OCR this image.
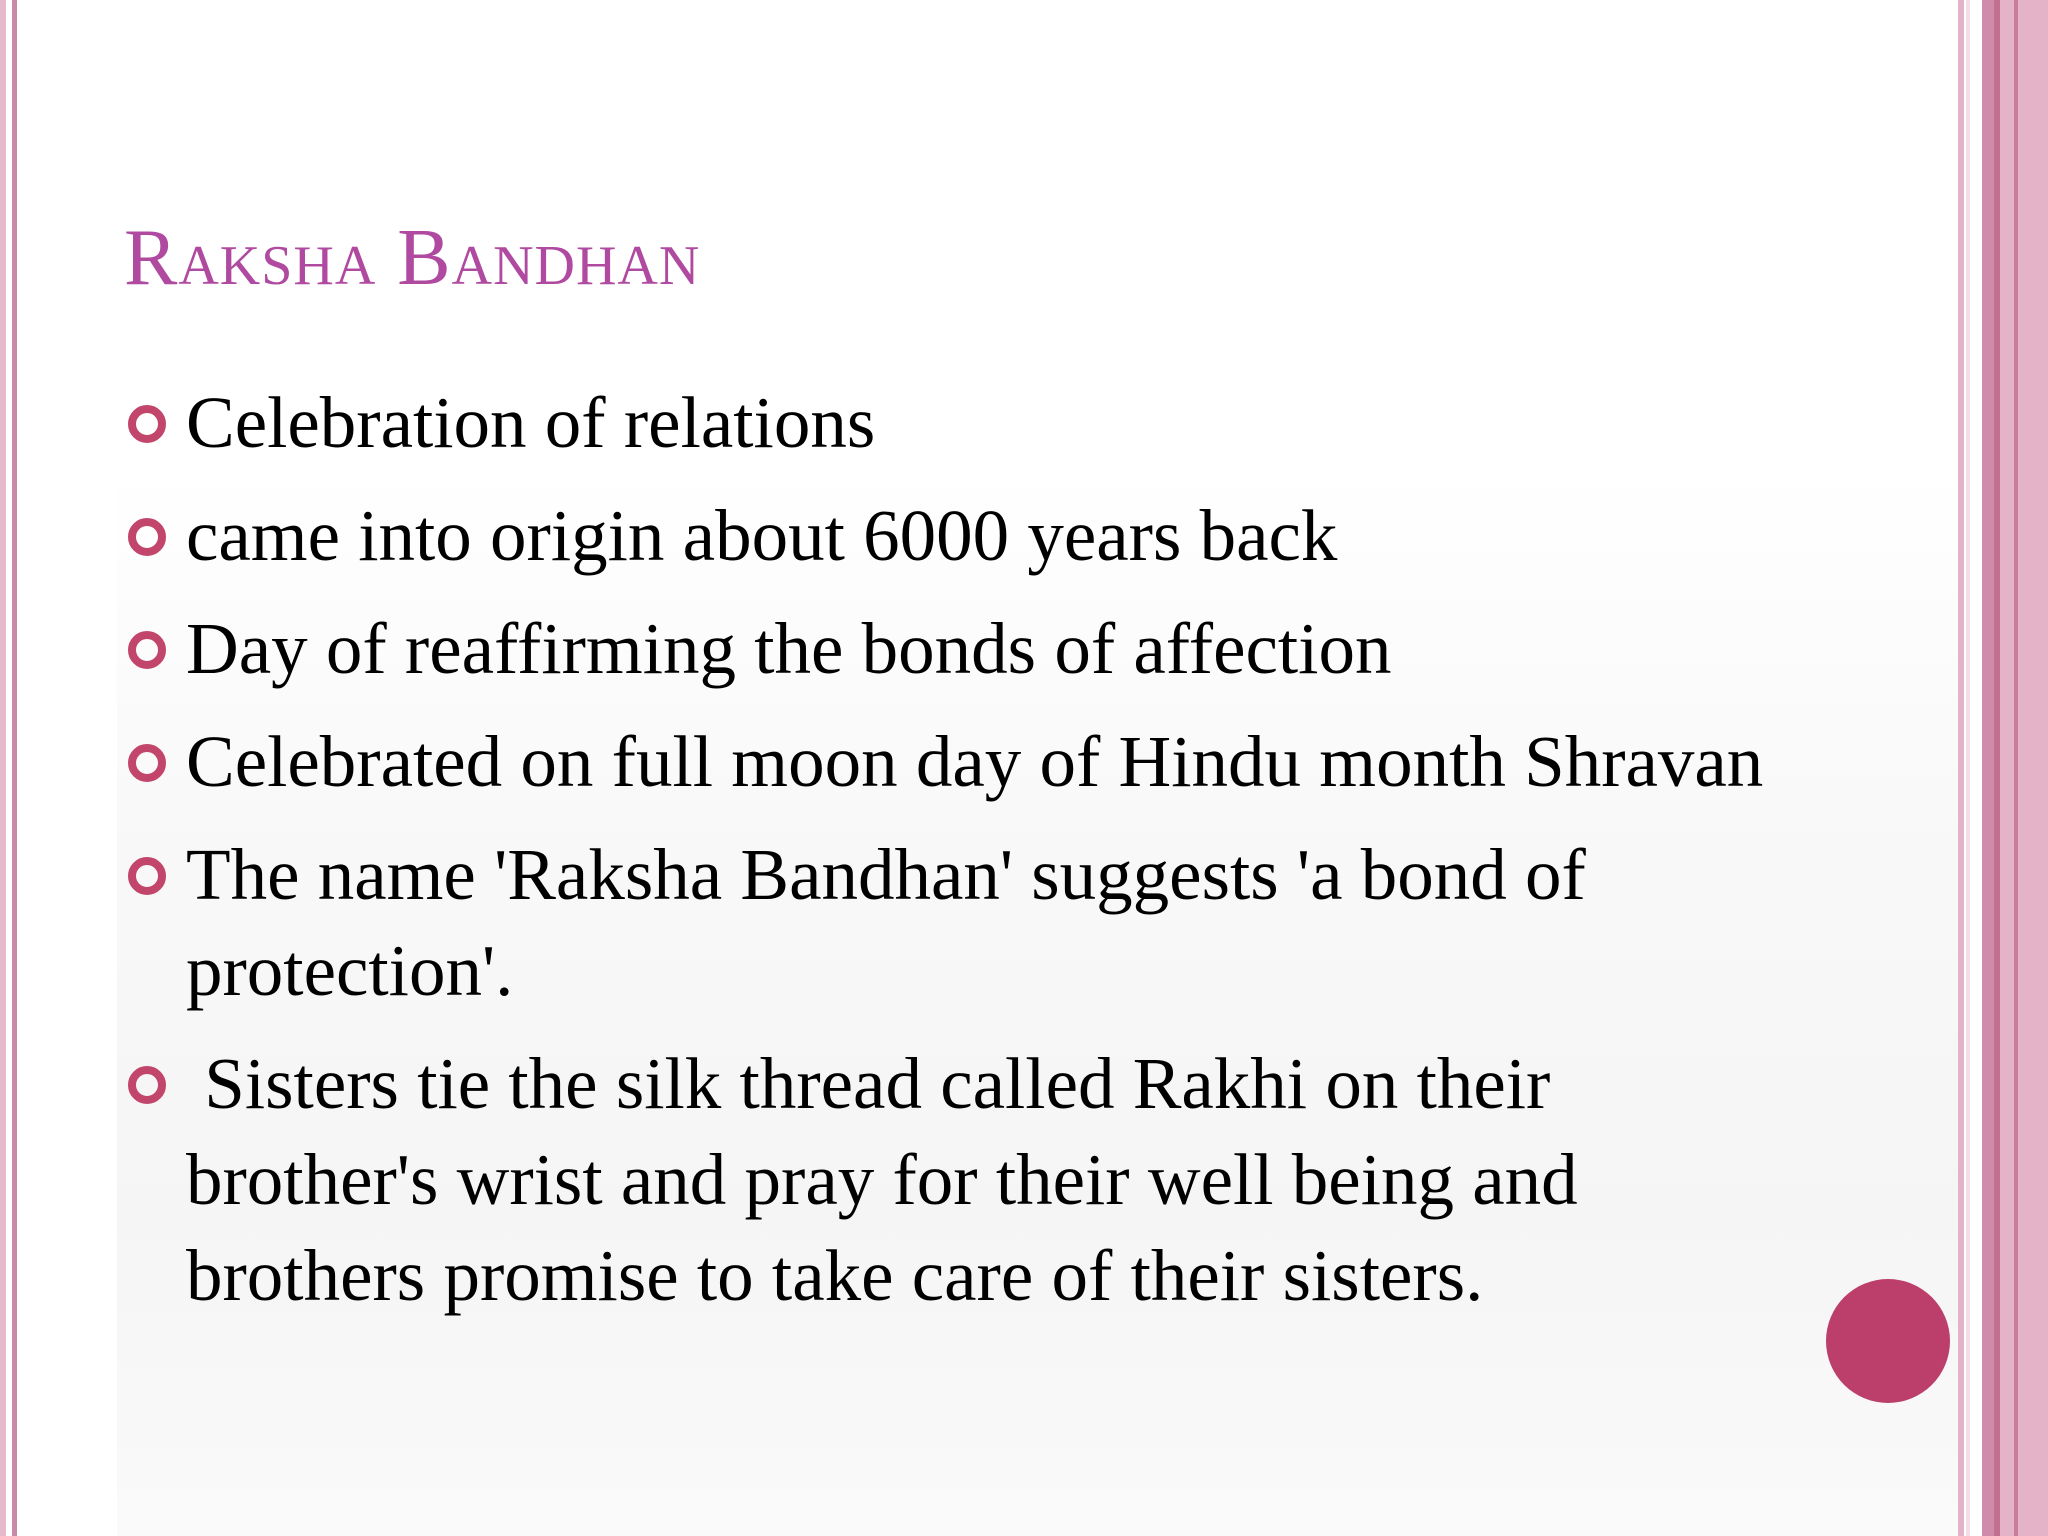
Raksha Bandhan
Celebration of relations
came into origin about 6000 years back
Day of reaffirming the bonds of affection
Celebrated on full moon day of Hindu month Shravan
The name 'Raksha Bandhan' suggests 'a bond of protection'.
Sisters tie the silk thread called Rakhi on their brother's wrist and pray for their well being and brothers promise to take care of their sisters.
